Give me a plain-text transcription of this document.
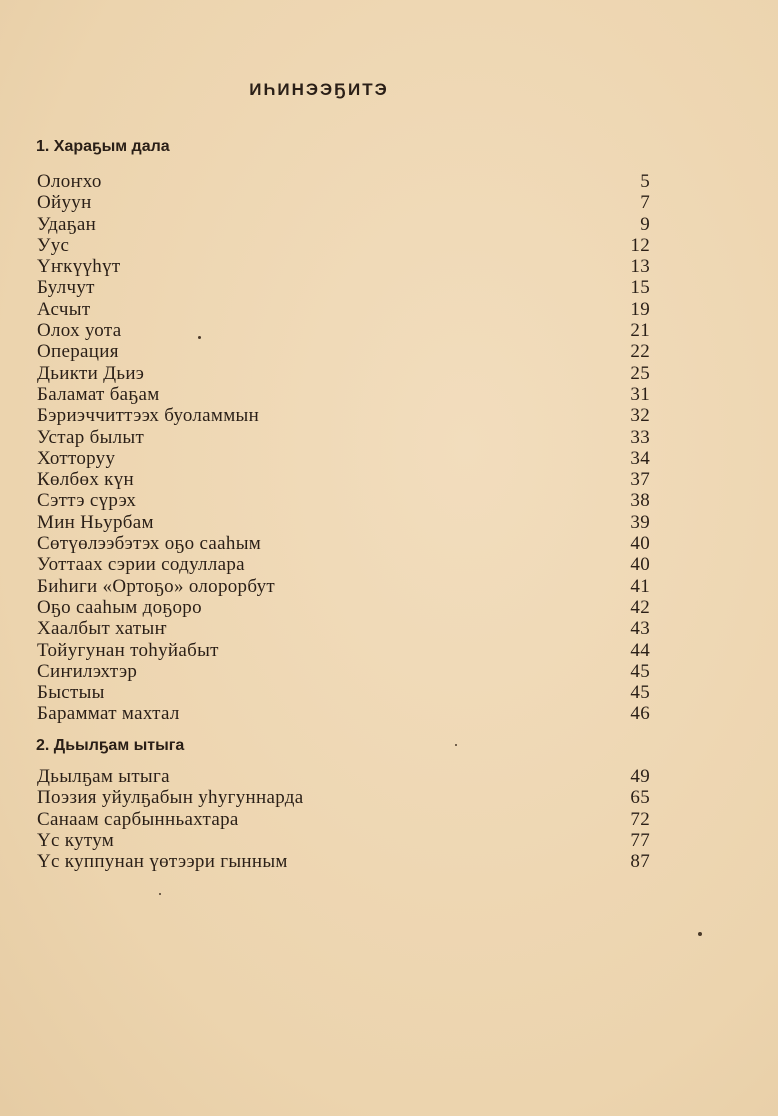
ИҺИНЭЭҔИТЭ
1. Хараҕым дала
Олоҥхо	5
Ойуун	7
Удаҕан	9
Уус	12
Үҥкүүһүт	13
Булчут	15
Асчыт	19
Олох уота	21
Операция	22
Дьикти Дьиэ	25
Баламат баҕам	31
Бэриэччиттээх буоламмын	32
Устар былыт	33
Хотторуу	34
Көлбөх күн	37
Сэттэ сүрэх	38
Мин Ньурбам	39
Сөтүөлээбэтэх оҕо сааһым	40
Уоттаах сэрии содуллара	40
Биһиги «Ортоҕо» олорорбут	41
Оҕо сааһым доҕоро	42
Хаалбыт хатыҥ	43
Тойугунан тоһуйабыт	44
Сиҥилэхтэр	45
Быстыы	45
Бараммат махтал	46
2. Дьылҕам ытыга
Дьылҕам ытыга	49
Поэзия уйулҕабын уһугуннарда	65
Санаам сарбынньахтара	72
Үс кутум	77
Үс куппунан үөтээри гынным	87
